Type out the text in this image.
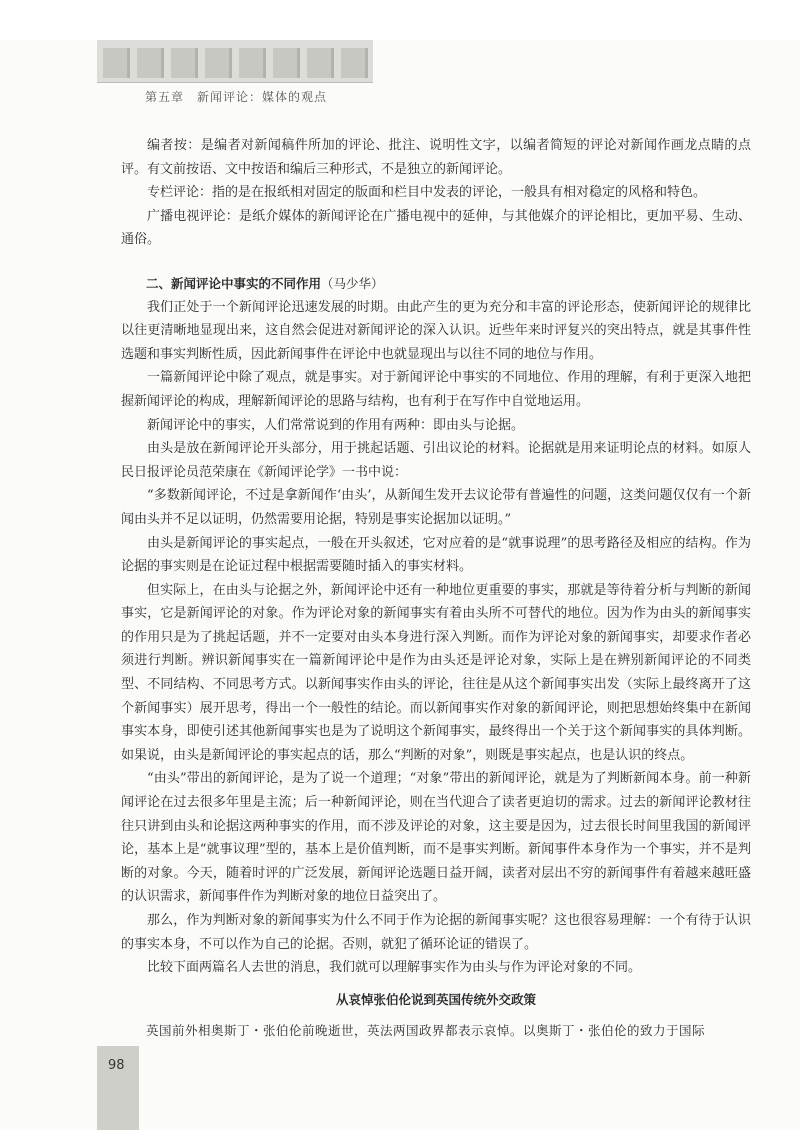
第五章　新闻评论：媒体的观点

编者按：是编者对新闻稿件所加的评论、批注、说明性文字，以编者简短的评论对新闻作画龙点睛的点评。有文前按语、文中按语和编后三种形式，不是独立的新闻评论。

专栏评论：指的是在报纸相对固定的版面和栏目中发表的评论，一般具有相对稳定的风格和特色。

广播电视评论：是纸介媒体的新闻评论在广播电视中的延伸，与其他媒介的评论相比，更加平易、生动、通俗。

二、新闻评论中事实的不同作用（马少华）

我们正处于一个新闻评论迅速发展的时期。由此产生的更为充分和丰富的评论形态，使新闻评论的规律比以往更清晰地显现出来，这自然会促进对新闻评论的深入认识。近些年来时评复兴的突出特点，就是其事件性选题和事实判断性质，因此新闻事件在评论中也就显现出与以往不同的地位与作用。

一篇新闻评论中除了观点，就是事实。对于新闻评论中事实的不同地位、作用的理解，有利于更深入地把握新闻评论的构成，理解新闻评论的思路与结构，也有利于在写作中自觉地运用。

新闻评论中的事实，人们常常说到的作用有两种：即由头与论据。

由头是放在新闻评论开头部分，用于挑起话题、引出议论的材料。论据就是用来证明论点的材料。如原人民日报评论员范荣康在《新闻评论学》一书中说：

“多数新闻评论，不过是拿新闻作‘由头’，从新闻生发开去议论带有普遍性的问题，这类问题仅仅有一个新闻由头并不足以证明，仍然需要用论据，特别是事实论据加以证明。”

由头是新闻评论的事实起点，一般在开头叙述，它对应着的是“就事说理”的思考路径及相应的结构。作为论据的事实则是在论证过程中根据需要随时插入的事实材料。

但实际上，在由头与论据之外，新闻评论中还有一种地位更重要的事实，那就是等待着分析与判断的新闻事实，它是新闻评论的对象。作为评论对象的新闻事实有着由头所不可替代的地位。因为作为由头的新闻事实的作用只是为了挑起话题，并不一定要对由头本身进行深入判断。而作为评论对象的新闻事实，却要求作者必须进行判断。辨识新闻事实在一篇新闻评论中是作为由头还是评论对象，实际上是在辨别新闻评论的不同类型、不同结构、不同思考方式。以新闻事实作由头的评论，往往是从这个新闻事实出发（实际上最终离开了这个新闻事实）展开思考，得出一个一般性的结论。而以新闻事实作对象的新闻评论，则把思想始终集中在新闻事实本身，即使引述其他新闻事实也是为了说明这个新闻事实，最终得出一个关于这个新闻事实的具体判断。如果说，由头是新闻评论的事实起点的话，那么“判断的对象”，则既是事实起点，也是认识的终点。

“由头”带出的新闻评论，是为了说一个道理；“对象”带出的新闻评论，就是为了判断新闻本身。前一种新闻评论在过去很多年里是主流；后一种新闻评论，则在当代迎合了读者更迫切的需求。过去的新闻评论教材往往只讲到由头和论据这两种事实的作用，而不涉及评论的对象，这主要是因为，过去很长时间里我国的新闻评论，基本上是“就事议理”型的，基本上是价值判断，而不是事实判断。新闻事件本身作为一个事实，并不是判断的对象。今天，随着时评的广泛发展，新闻评论选题日益开阔，读者对层出不穷的新闻事件有着越来越旺盛的认识需求，新闻事件作为判断对象的地位日益突出了。

那么，作为判断对象的新闻事实为什么不同于作为论据的新闻事实呢？这也很容易理解：一个有待于认识的事实本身，不可以作为自己的论据。否则，就犯了循环论证的错误了。

比较下面两篇名人去世的消息，我们就可以理解事实作为由头与作为评论对象的不同。

从哀悼张伯伦说到英国传统外交政策

英国前外相奥斯丁・张伯伦前晚逝世，英法两国政界都表示哀悼。以奥斯丁・张伯伦的致力于国际

98
